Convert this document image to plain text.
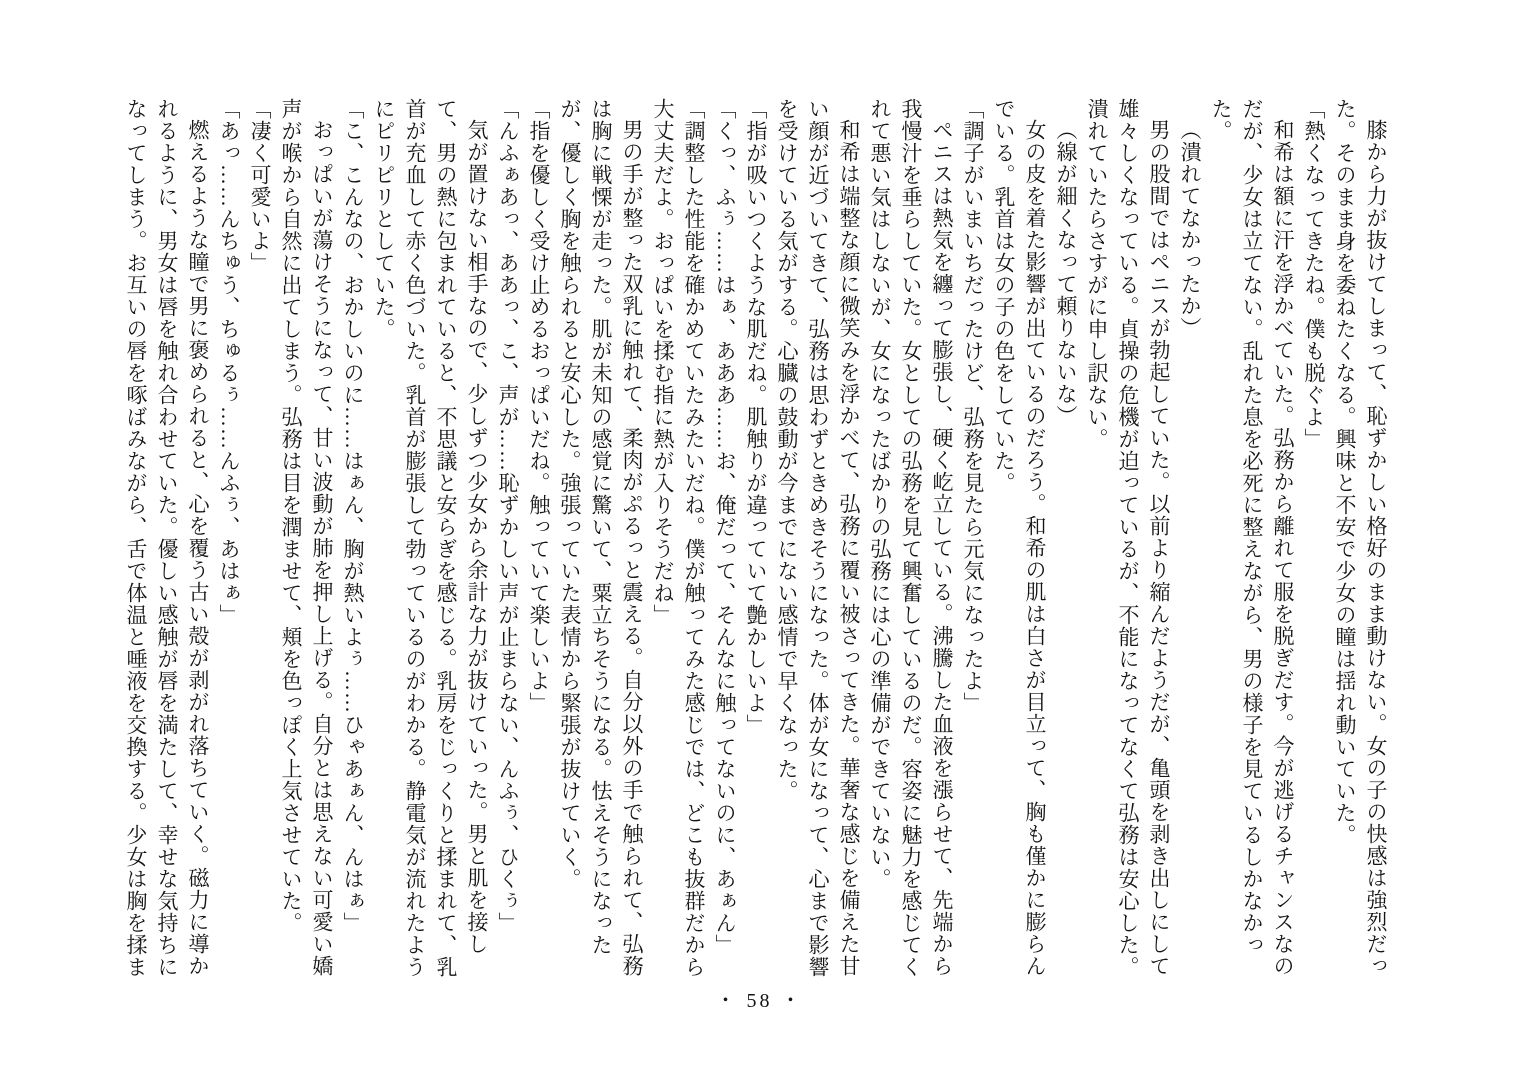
膝から力が抜けてしまって、恥ずかしい格好のまま動けない。女の子の快感は強烈だった。そのまま身を委ねたくなる。興味と不安で少女の瞳は揺れ動いていた。

「熱くなってきたね。僕も脱ぐよ」

和希は額に汗を浮かべていた。弘務から離れて服を脱ぎだす。今が逃げるチャンスなのだが、少女は立てない。乱れた息を必死に整えながら、男の様子を見ているしかなかった。

（潰れてなかったか）

男の股間ではペニスが勃起していた。以前より縮んだようだが、亀頭を剥き出しにして雄々しくなっている。貞操の危機が迫っているが、不能になってなくて弘務は安心した。潰れていたらさすがに申し訳ない。

（線が細くなって頼りないな）

女の皮を着た影響が出ているのだろう。和希の肌は白さが目立って、胸も僅かに膨らんでいる。乳首は女の子の色をしていた。

「調子がいまいちだったけど、弘務を見たら元気になったよ」

ペニスは熱気を纏って膨張し、硬く屹立している。沸騰した血液を漲らせて、先端から我慢汁を垂らしていた。女としての弘務を見て興奮しているのだ。容姿に魅力を感じてくれて悪い気はしないが、女になったばかりの弘務には心の準備ができていない。

和希は端整な顔に微笑みを浮かべて、弘務に覆い被さってきた。華奢な感じを備えた甘い顔が近づいてきて、弘務は思わずときめきそうになった。体が女になって、心まで影響を受けている気がする。心臓の鼓動が今までにない感情で早くなった。

「指が吸いつくような肌だね。肌触りが違っていて艶かしいよ」

「くっ、ふぅ……はぁ、あああ……お、俺だって、そんなに触ってないのに、あぁん」

「調整した性能を確かめていたみたいだね。僕が触ってみた感じでは、どこも抜群だから大丈夫だよ。おっぱいを揉む指に熱が入りそうだね」

男の手が整った双乳に触れて、柔肉がぷるっと震える。自分以外の手で触られて、弘務は胸に戦慄が走った。肌が未知の感覚に驚いて、粟立ちそうになる。怯えそうになったが、優しく胸を触られると安心した。強張っていた表情から緊張が抜けていく。

「指を優しく受け止めるおっぱいだね。触っていて楽しいよ」

「んふぁあっ、ああっ、こ、声が……恥ずかしい声が止まらない、んふぅ、ひくぅ」

気が置けない相手なので、少しずつ少女から余計な力が抜けていった。男と肌を接して、男の熱に包まれていると、不思議と安らぎを感じる。乳房をじっくりと揉まれて、乳首が充血して赤く色づいた。乳首が膨張して勃っているのがわかる。静電気が流れたようにピリピリとしていた。

「こ、こんなの、おかしいのに……はぁん、胸が熱いよぅ……ひゃあぁん、んはぁ」

おっぱいが蕩けそうになって、甘い波動が肺を押し上げる。自分とは思えない可愛い嬌声が喉から自然に出てしまう。弘務は目を潤ませて、頬を色っぽく上気させていた。

「凄く可愛いよ」

「あっ……んちゅう、ちゅるぅ……んふぅ、あはぁ」

燃えるような瞳で男に褒められると、心を覆う古い殻が剥がれ落ちていく。磁力に導かれるように、男女は唇を触れ合わせていた。優しい感触が唇を満たして、幸せな気持ちになってしまう。お互いの唇を啄ばみながら、舌で体温と唾液を交換する。少女は胸を揉ま

・ 58 ・
